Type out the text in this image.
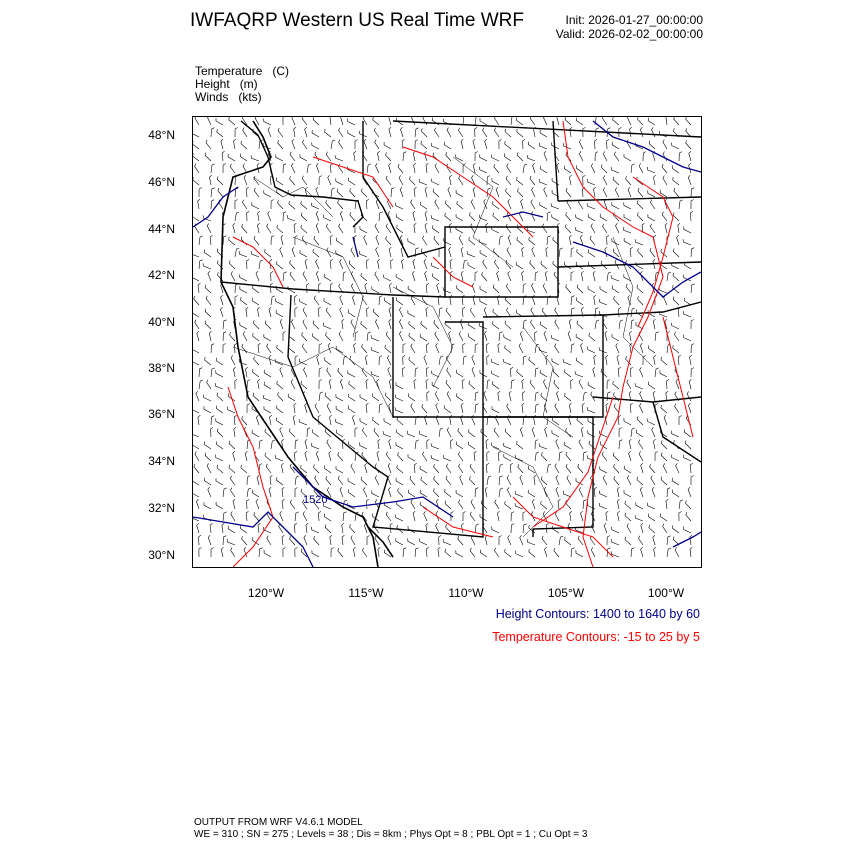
IWFAQRP Western US Real Time WRF	Init: 2026-01-27_00:00:00
Valid: 2026-02-02_00:00:00
Temperature   (C)
Height   (m)
Winds   (kts)
1520
48°N
46°N
44°N
42°N
40°N
38°N
36°N
34°N
32°N
30°N
120°W	115°W	110°W	105°W	100°W
Height Contours: 1400 to 1640 by 60
Temperature Contours: -15 to 25 by 5
OUTPUT FROM WRF V4.6.1 MODEL
WE = 310 ; SN = 275 ; Levels = 38 ; Dis = 8km ; Phys Opt = 8 ; PBL Opt = 1 ; Cu Opt = 3
